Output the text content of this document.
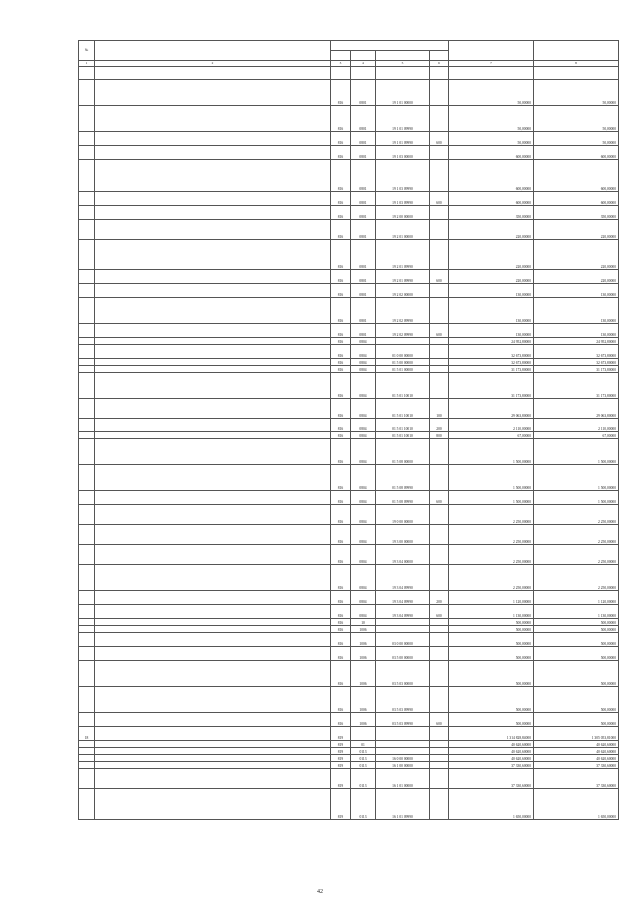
№							

1	2	3	4	5	6	7	8

		816	0801	19 1 01 00000		50,00000	50,00000
		816	0801	19 1 01 09990		50,00000	50,00000
		816	0801	19 1 01 09990	600	50,00000	50,00000
		816	0801	19 1 03 00000		600,00000	600,00000
		816	0801	19 1 03 09990		600,00000	600,00000
		816	0801	19 1 03 09990	600	600,00000	600,00000
		816	0801	19 2 00 00000		350,00000	350,00000
		816	0801	19 2 01 00000		220,00000	220,00000
		816	0801	19 2 01 09990		220,00000	220,00000
		816	0801	19 2 01 09990	600	220,00000	220,00000
		816	0801	19 2 02 00000		130,00000	130,00000
		816	0801	19 2 02 09990		130,00000	130,00000
		816	0801	19 2 02 09990	600	130,00000	130,00000
		816	0804			24 952,80000	24 952,80000
		816	0804	01 0 00 00000		32 673,80000	32 673,80000
		816	0804	01 5 00 00000		32 673,80000	32 673,80000
		816	0804	01 5 01 00000		31 173,80000	31 173,80000
		816	0804	01 5 01 10010		31 173,80000	31 173,80000
		816	0804	01 5 01 10010	100	29 063,80000	29 063,80000
		816	0804	01 5 01 10010	200	2 110,00000	2 110,00000
		816	0804	01 5 01 10010	800	67,00000	67,00000
		816	0804	01 5 08 00000		1 500,00000	1 500,00000
		816	0804	01 5 08 09990		1 500,00000	1 500,00000
		816	0804	01 5 08 09990	600	1 500,00000	1 500,00000
		816	0804	19 0 00 00000		2 250,00000	2 250,00000
		816	0804	19 3 00 00000		2 250,00000	2 250,00000
		816	0804	19 3 04 00000		2 250,00000	2 250,00000
		816	0804	19 3 04 09990		2 250,00000	2 250,00000
		816	0804	19 3 04 09990	200	1 120,00000	1 120,00000
		816	0804	19 3 04 09990	600	1 130,00000	1 130,00000
		816	10			500,00000	500,00000
		816	1006			500,00000	500,00000
		816	1006	03 0 00 00000		500,00000	500,00000
		816	1006	03 5 00 00000		500,00000	500,00000
		816	1006	03 5 03 00000		500,00000	500,00000
		816	1006	03 5 03 09990		500,00000	500,00000
		816	1006	03 5 03 09990	600	500,00000	500,00000
18		819				1 314 828,84000	1 305 053,81000
		819	01			40 620,60000	40 620,60000
		819	0113			40 620,60000	40 620,60000
		819	0113	16 0 00 00000		40 620,60000	40 620,60000
		819	0113	16 1 00 00000		37 330,60000	37 330,60000
		819	0113	16 1 01 00000		37 330,60000	37 330,60000
		819	0113	16 1 01 09990		1 650,00000	1 650,00000
42
